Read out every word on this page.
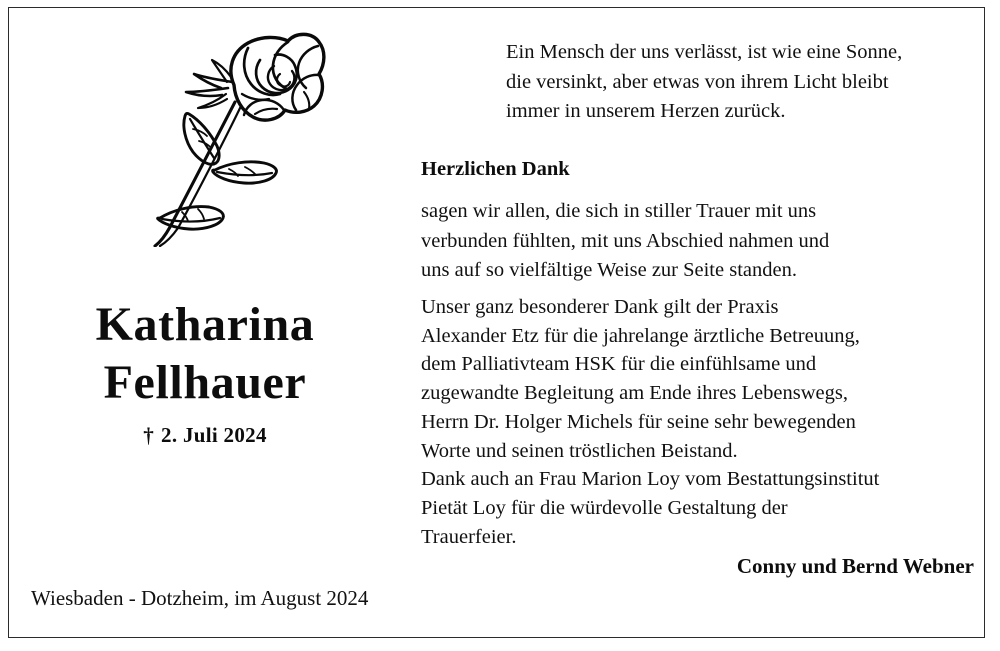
Katharina
Fellhauer
† 2. Juli 2024
Wiesbaden - Dotzheim, im August 2024
Ein Mensch der uns verlässt, ist wie eine Sonne,
die versinkt, aber etwas von ihrem Licht bleibt
immer in unserem Herzen zurück.
Herzlichen Dank
sagen wir allen, die sich in stiller Trauer mit uns
verbunden fühlten, mit uns Abschied nahmen und
uns auf so vielfältige Weise zur Seite standen.
Unser ganz besonderer Dank gilt der Praxis
Alexander Etz für die jahrelange ärztliche Betreuung,
dem Palliativteam HSK für die einfühlsame und
zugewandte Begleitung am Ende ihres Lebenswegs,
Herrn Dr. Holger Michels für seine sehr bewegenden
Worte und seinen tröstlichen Beistand.
Dank auch an Frau Marion Loy vom Bestattungsinstitut
Pietät Loy für die würdevolle Gestaltung der
Trauerfeier.
Conny und Bernd Webner
